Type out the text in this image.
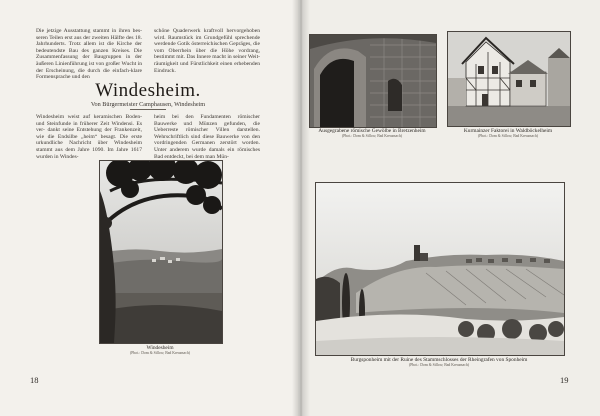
Die jetzige Ausstattung stammt in ihren bes- seren Teilen erst aus der zweiten Hälfte des 18. Jahrhunderts. Trotz allem ist die Kirche der bedeutendste Bau des ganzen Kreises. Die Zusammenfassung der Baugruppen in der äußeren Linienführung ist von großer Wucht in der Erscheinung, die durch die einfach-klare Formensprache und den
schöne Quaderwerk kraftvoll hervorgehoben wird. Raumstück im Grundgefühl sprechende werdende Gotik österreichischen Gepräges, die vom Oberrhein über die Höhe vordrang, bestimmt mit. Das Innere macht in seiner Weit- räumigkeit und Fürstlichkeit einen erhebenden Eindruck.
Windesheim.
Von Bürgermeister Camphausen, Windesheim
Windesheim weist auf keramischen Boden- und Steinfunde in früherer Zeit Windensi. Es ver- dankt seine Entstehung der Frankenzeit, wie die Endsilbe „heim“ besagt. Die erste urkundliche Nachricht über Windesheim stammt aus dem Jahre 1090. Im Jahre 1617 wurden in Windes-
heim bei den Fundamenten römischer Bauwerke und Münzen gefunden, die Ueberreste römischer Villen darstellen. Wehrschriftlich sind diese Bauwerke von den vordringenden Germanen zerstört worden. Unter anderem wurde damals ein römisches Bad entdeckt, bei dem man Mün-
Windesheim
(Phot.: Dom & Sillow, Bad Kreuznach)
18
Ausgegrabene römische Gewölbe in Bretzenheim
(Phot.: Dom & Sillow, Bad Kreuznach)
Kurmainzer Faktorei in Waldböckelheim
(Phot.: Dom & Sillow, Bad Kreuznach)
Burgsponheim mit der Ruine des Stammschlosses der Rheingrafen von Sponheim
(Phot.: Dom & Sillow, Bad Kreuznach)
19
